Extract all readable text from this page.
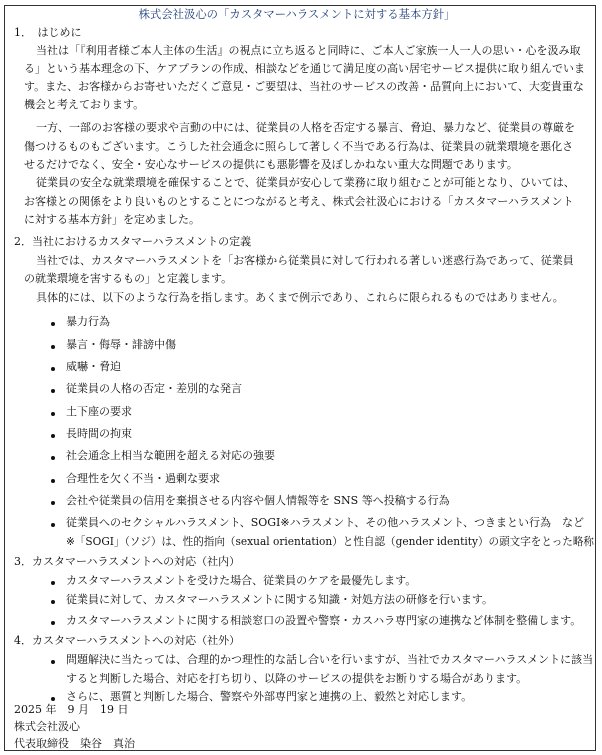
株式会社汲心の「カスタマーハラスメントに対する基本方針」
1．　はじめに
当社は「『利用者様ご本人主体の生活』の視点に立ち返ると同時に、ご本人ご家族一人一人の思い・心を汲み取
る」という基本理念の下、ケアプランの作成、相談などを通じて満足度の高い居宅サービス提供に取り組んでいま
す。また、お客様からお寄せいただくご意見・ご要望は、当社のサービスの改善・品質向上において、大変貴重な
機会と考えております。
一方、一部のお客様の要求や言動の中には、従業員の人格を否定する暴言、脅迫、暴力など、従業員の尊厳を
傷つけるものもございます。こうした社会通念に照らして著しく不当である行為は、従業員の就業環境を悪化さ
せるだけでなく、安全・安心なサービスの提供にも悪影響を及ぼしかねない重大な問題であります。
従業員の安全な就業環境を確保することで、従業員が安心して業務に取り組むことが可能となり、ひいては、
お客様との関係をより良いものとすることにつながると考え、株式会社汲心における「カスタマーハラスメント
に対する基本方針」を定めました。
2．当社におけるカスタマーハラスメントの定義
当社では、カスタマーハラスメントを「お客様から従業員に対して行われる著しい迷惑行為であって、従業員
の就業環境を害するもの」と定義します。
具体的には、以下のような行為を指します。あくまで例示であり、これらに限られるものではありません。
暴力行為
暴言・侮辱・誹謗中傷
威嚇・脅迫
従業員の人格の否定・差別的な発言
土下座の要求
長時間の拘束
社会通念上相当な範囲を超える対応の強要
合理性を欠く不当・過剰な要求
会社や従業員の信用を棄損させる内容や個人情報等を SNS 等へ投稿する行為
従業員へのセクシャルハラスメント、SOGI※ハラスメント、その他ハラスメント、つきまとい行為　など
※「SOGI」（ソジ）は、性的指向（sexual orientation）と性自認（gender identity）の頭文字をとった略称
3．カスタマーハラスメントへの対応（社内）
カスタマーハラスメントを受けた場合、従業員のケアを最優先します。
従業員に対して、カスタマーハラスメントに関する知識・対処方法の研修を行います。
カスタマーハラスメントに関する相談窓口の設置や警察・カスハラ専門家の連携など体制を整備します。
4．カスタマーハラスメントへの対応（社外）
問題解決に当たっては、合理的かつ理性的な話し合いを行いますが、当社でカスタマーハラスメントに該当
すると判断した場合、対応を打ち切り、以降のサービスの提供をお断りする場合があります。
さらに、悪質と判断した場合、警察や外部専門家と連携の上、毅然と対応します。
2025 年　9 月　19 日
株式会社汲心
代表取締役　染谷　真治
